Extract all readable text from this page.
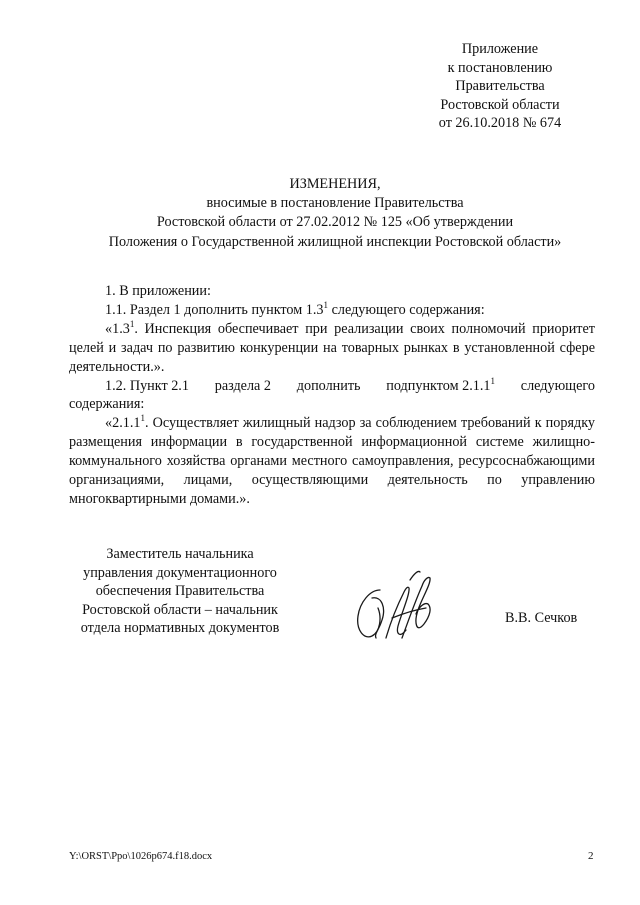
Приложение
к постановлению
Правительства
Ростовской области
от 26.10.2018 № 674
ИЗМЕНЕНИЯ,
вносимые в постановление Правительства
Ростовской области от 27.02.2012 № 125 «Об утверждении
Положения о Государственной жилищной инспекции Ростовской области»

1. В приложении:

1.1. Раздел 1 дополнить пунктом $1.3^1$ следующего содержания:

«$1.3^1$. Инспекция обеспечивает при реализации своих полномочий приоритет целей и задач по развитию конкуренции на товарных рынках в установленной сфере деятельности.».

1.2. Пункт 2.1 раздела 2 дополнить подпунктом 2.1.1$^1$ следующего

содержания:

«2.1.1$^1$. Осуществляет жилищный надзор за соблюдением требований к порядку размещения информации в государственной информационной системе жилищно-коммунального хозяйства органами местного самоуправления, ресурсоснабжающими организациями, лицами, осуществляющими деятельность по управлению многоквартирными домами.».

Заместитель начальника
управления документационного
обеспечения Правительства
Ростовской области – начальник
отдела нормативных документов
В.В. Сечков
Y:\ORST\Ppo\1026p674.f18.docx	2
